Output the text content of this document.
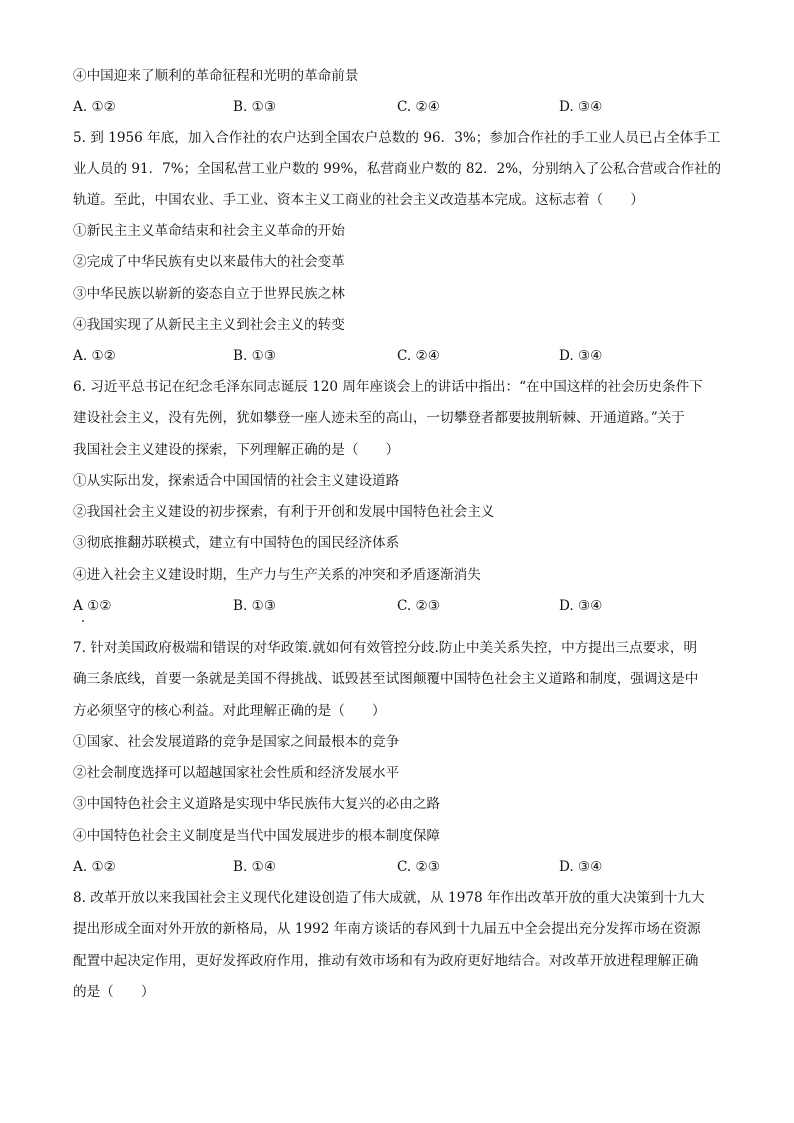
④中国迎来了顺利的革命征程和光明的革命前景
A. ①②	B. ①③	C. ②④	D. ③④
5. 到 1956 年底，加入合作社的农户达到全国农户总数的 96．3%；参加合作社的手工业人员已占全体手工
业人员的 91．7%；全国私营工业户数的 99%，私营商业户数的 82．2%，分别纳入了公私合营或合作社的
轨道。至此，中国农业、手工业、资本主义工商业的社会主义改造基本完成。这标志着（　　）
①新民主主义革命结束和社会主义革命的开始
②完成了中华民族有史以来最伟大的社会变革
③中华民族以崭新的姿态自立于世界民族之林
④我国实现了从新民主主义到社会主义的转变
A. ①②	B. ①③	C. ②④	D. ③④
6. 习近平总书记在纪念毛泽东同志诞辰 120 周年座谈会上的讲话中指出：“在中国这样的社会历史条件下
建设社会主义，没有先例，犹如攀登一座人迹未至的高山，一切攀登者都要披荆斩棘、开通道路。”关于
我国社会主义建设的探索，下列理解正确的是（　　）
①从实际出发，探索适合中国国情的社会主义建设道路
②我国社会主义建设的初步探索，有利于开创和发展中国特色社会主义
③彻底推翻苏联模式，建立有中国特色的国民经济体系
④进入社会主义建设时期，生产力与生产关系的冲突和矛盾逐渐消失
A ①②	B. ①③	C. ②③	D. ③④
7. 针对美国政府极端和错误的对华政策.就如何有效管控分歧.防止中美关系失控，中方提出三点要求，明
确三条底线，首要一条就是美国不得挑战、诋毁甚至试图颠覆中国特色社会主义道路和制度，强调这是中
方必须坚守的核心利益。对此理解正确的是（　　）
①国家、社会发展道路的竞争是国家之间最根本的竞争
②社会制度选择可以超越国家社会性质和经济发展水平
③中国特色社会主义道路是实现中华民族伟大复兴的必由之路
④中国特色社会主义制度是当代中国发展进步的根本制度保障
A. ①②	B. ①④	C. ②③	D. ③④
8. 改革开放以来我国社会主义现代化建设创造了伟大成就，从 1978 年作出改革开放的重大决策到十九大
提出形成全面对外开放的新格局，从 1992 年南方谈话的春风到十九届五中全会提出充分发挥市场在资源
配置中起决定作用，更好发挥政府作用，推动有效市场和有为政府更好地结合。对改革开放进程理解正确
的是（　　）
